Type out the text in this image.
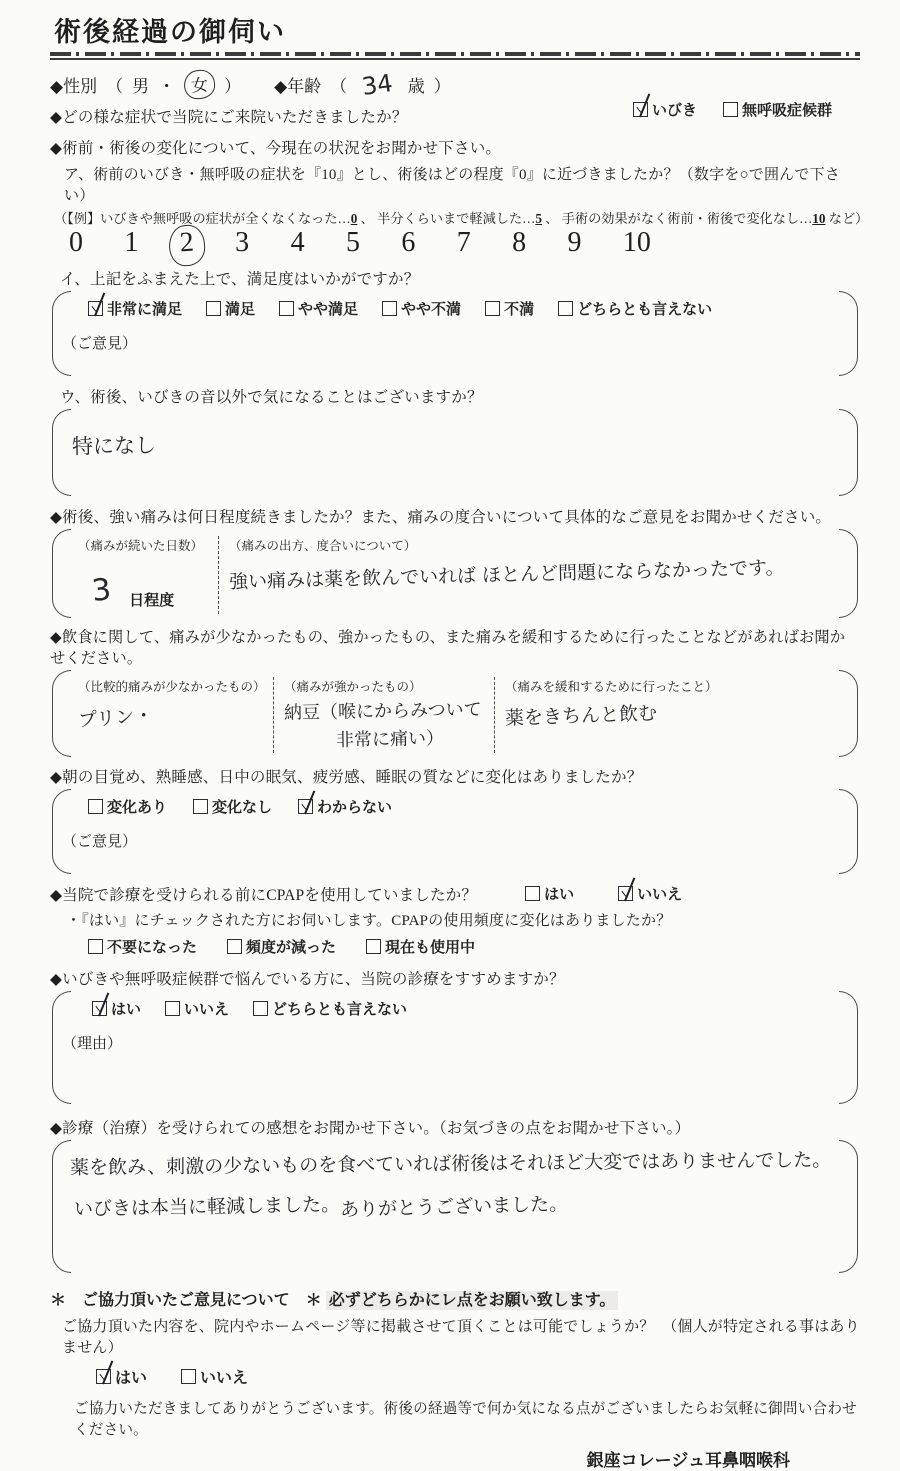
術後経過の御伺い
◆性別 （ 男 ・ 女 ） ◆年齢 （ 34 歳 ）
◆どの様な症状で当院にご来院いただきましたか？	いびき	無呼吸症候群
◆術前・術後の変化について、今現在の状況をお聞かせ下さい。
ア、術前のいびき・無呼吸の症状を『10』とし、術後はどの程度『0』に近づきましたか？（数字を○で囲んで下さい）
（【例】いびきや無呼吸の症状が全くなくなった…0 、 半分くらいまで軽減した…5 、 手術の効果がなく術前・術後で変化なし…10 など）
0	1	2	3	4	5	6	7	8	9	10
イ、上記をふまえた上で、満足度はいかがですか？
非常に満足	満足	やや満足	やや不満	不満	どちらとも言えない
（ご意見）
ウ、術後、いびきの音以外で気になることはございますか？
特になし
◆術後、強い痛みは何日程度続きましたか？また、痛みの度合いについて具体的なご意見をお聞かせください。
（痛みが続いた日数）
3 日程度
（痛みの出方、度合いについて）
強い痛みは薬を飲んでいれば ほとんど問題にならなかったです。
◆飲食に関して、痛みが少なかったもの、強かったもの、また痛みを緩和するために行ったことなどがあればお聞かせください。
（比較的痛みが少なかったもの）
プリン・
（痛みが強かったもの）
納豆（喉にからみついて 非常に痛い）
（痛みを緩和するために行ったこと）
薬をきちんと飲む
◆朝の目覚め、熟睡感、日中の眠気、疲労感、睡眠の質などに変化はありましたか？
変化あり	変化なし	わからない
（ご意見）
◆当院で診療を受けられる前にCPAPを使用していましたか？	はい	いいえ
・『はい』にチェックされた方にお伺いします。CPAPの使用頻度に変化はありましたか？
不要になった	頻度が減った	現在も使用中
◆いびきや無呼吸症候群で悩んでいる方に、当院の診療をすすめますか？
はい	いいえ	どちらとも言えない
（理由）
◆診療（治療）を受けられての感想をお聞かせ下さい。（お気づきの点をお聞かせ下さい。）
薬を飲み、刺激の少ないものを食べていれば術後はそれほど大変ではありませんでした。 いびきは本当に軽減しました。 ありがとうございました。
＊　ご協力頂いたご意見について　＊ 必ずどちらかにレ点をお願い致します。
ご協力頂いた内容を、院内やホームページ等に掲載させて頂くことは可能でしょうか？　（個人が特定される事はありません）
はい	いいえ
ご協力いただきましてありがとうございます。術後の経過等で何か気になる点がございましたらお気軽に御問い合わせください。
銀座コレージュ耳鼻咽喉科
